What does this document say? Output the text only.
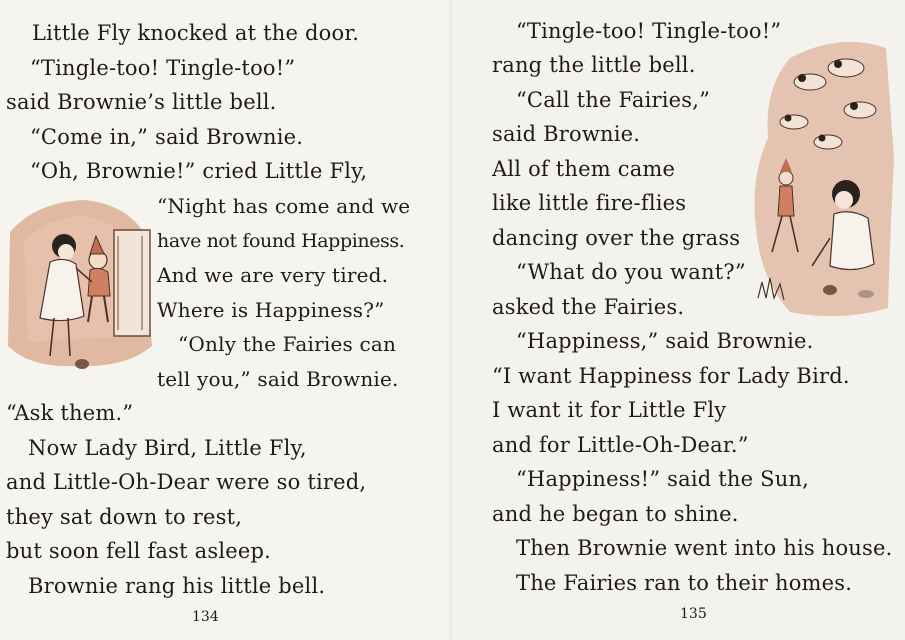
Little Fly knocked at the door.

“Tingle-too! Tingle-too!”

said Brownie’s little bell.

“Come in,” said Brownie.

“Oh, Brownie!” cried Little Fly,

“Night has come and we

have not found Happiness.

And we are very tired.

Where is Happiness?”

“Only the Fairies can

tell you,” said Brownie.

“Ask them.”

Now Lady Bird, Little Fly,

and Little-Oh-Dear were so tired,

they sat down to rest,

but soon fell fast asleep.

Brownie rang his little bell.

134

“Tingle-too! Tingle-too!”

rang the little bell.

“Call the Fairies,”

said Brownie.

All of them came

like little fire-flies

dancing over the grass

“What do you want?”

asked the Fairies.

“Happiness,” said Brownie.

“I want Happiness for Lady Bird.

I want it for Little Fly

and for Little-Oh-Dear.”

“Happiness!” said the Sun,

and he began to shine.

Then Brownie went into his house.

The Fairies ran to their homes.

135
